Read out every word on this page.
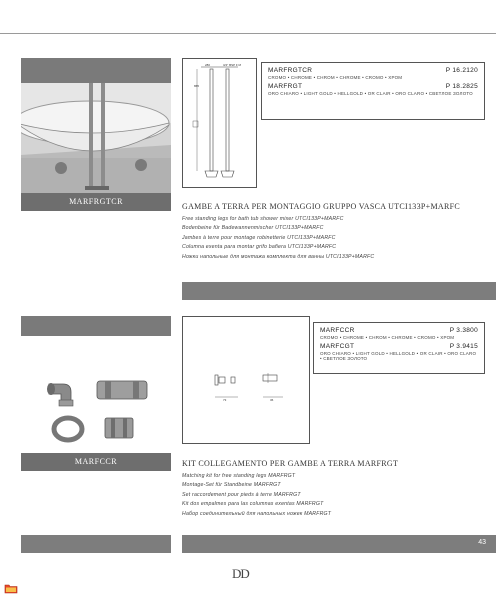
MARFRGTCR
280	3/4" BSP F M
865
MARFRGTCR	P 16.2120
CROMO • CHROME • CHROM • CHROME • CROMO • ХРОМ
MARFRGT	P 18.2825
ORO CHIARO • LIGHT GOLD • HELLGOLD • OR CLAIR • ORO CLARO • СВЕТЛОЕ ЗОЛОТО
GAMBE A TERRA PER MONTAGGIO GRUPPO VASCA UTCI133P+MARFC
Free standing legs for bath tub shower mixer UTCI133P+MARFC
Bodenbeine für Badewannenmischer UTCI133P+MARFC
Jambes à terre pour montage robinetterie UTCI133P+MARFC
Columna exenta para montar grifo bañera UTCI133P+MARFC
Ножки напольные для монтажа комплекта для ванны UTCI133P+MARFC
MARFCCR
73	36
MARFCCR	P 3.3800
CROMO • CHROME • CHROM • CHROME • CROMO • ХРОМ
MARFCGT	P 3.9415
ORO CHIARO • LIGHT GOLD • HELLGOLD • OR CLAIR • ORO CLARO • СВЕТЛОЕ ЗОЛОТО
KIT COLLEGAMENTO PER GAMBE A TERRA MARFRGT
Matching kit for free standing legs MARFRGT
Montage-Set für Standbeine MARFRGT
Set raccordement pour pieds à terre MARFRGT
Kit dos empalmes para las columnas exentas MARFRGT
Набор соединительный для напольных ножек MARFRGT
43
DD
